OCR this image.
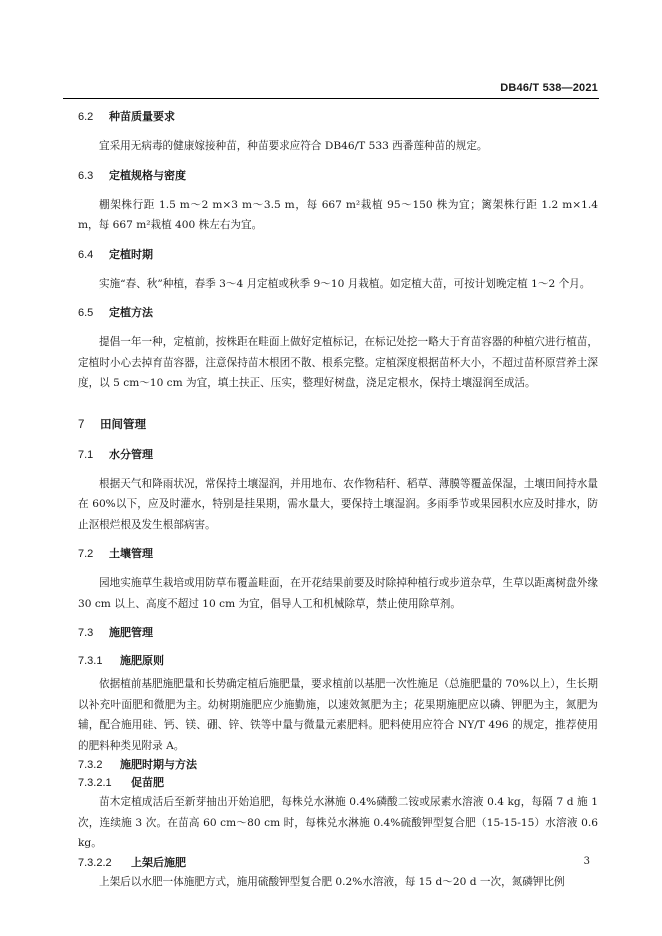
DB46/T 538—2021
6.2 种苗质量要求

宜采用无病毒的健康嫁接种苗，种苗要求应符合 DB46/T 533 西番莲种苗的规定。

6.3 定植规格与密度

棚架株行距 1.5 m～2 m×3 m～3.5 m，每 667 m²栽植 95～150 株为宜；篱架株行距 1.2 m×1.4 m，每 667 m²栽植 400 株左右为宜。

6.4 定植时期

实施“春、秋”种植，春季 3～4 月定植或秋季 9～10 月栽植。如定植大苗，可按计划晚定植 1～2 个月。

6.5 定植方法

提倡一年一种，定植前，按株距在畦面上做好定植标记，在标记处挖一略大于育苗容器的种植穴进行植苗，定植时小心去掉育苗容器，注意保持苗木根团不散、根系完整。定植深度根据苗杯大小，不超过苗杯原营养土深度，以 5 cm～10 cm 为宜，填土扶正、压实，整理好树盘，浇足定根水，保持土壤湿润至成活。

7 田间管理
7.1 水分管理

根据天气和降雨状况，常保持土壤湿润，并用地布、农作物秸秆、稻草、薄膜等覆盖保湿，土壤田间持水量在 60%以下，应及时灌水，特别是挂果期，需水量大，要保持土壤湿润。多雨季节或果园积水应及时排水，防止沤根烂根及发生根部病害。

7.2 土壤管理

园地实施草生栽培或用防草布覆盖畦面，在开花结果前要及时除掉种植行或步道杂草，生草以距离树盘外缘 30 cm 以上、高度不超过 10 cm 为宜，倡导人工和机械除草，禁止使用除草剂。

7.3 施肥管理
7.3.1 施肥原则

依据植前基肥施肥量和长势确定植后施肥量，要求植前以基肥一次性施足（总施肥量的 70%以上），生长期以补充叶面肥和微肥为主。幼树期施肥应少施勤施，以速效氮肥为主；花果期施肥应以磷、钾肥为主，氮肥为辅，配合施用硅、钙、镁、硼、锌、铁等中量与微量元素肥料。肥料使用应符合 NY/T 496 的规定，推荐使用的肥料种类见附录 A。

7.3.2 施肥时期与方法
7.3.2.1 促苗肥

苗木定植成活后至新芽抽出开始追肥，每株兑水淋施 0.4%磷酸二铵或尿素水溶液 0.4 kg，每隔 7 d 施 1 次，连续施 3 次。在苗高 60 cm～80 cm 时，每株兑水淋施 0.4%硫酸钾型复合肥（15-15-15）水溶液 0.6 kg。

7.3.2.2 上架后施肥

上架后以水肥一体施肥方式，施用硫酸钾型复合肥 0.2%水溶液，每 15 d～20 d 一次，氮磷钾比例

3
